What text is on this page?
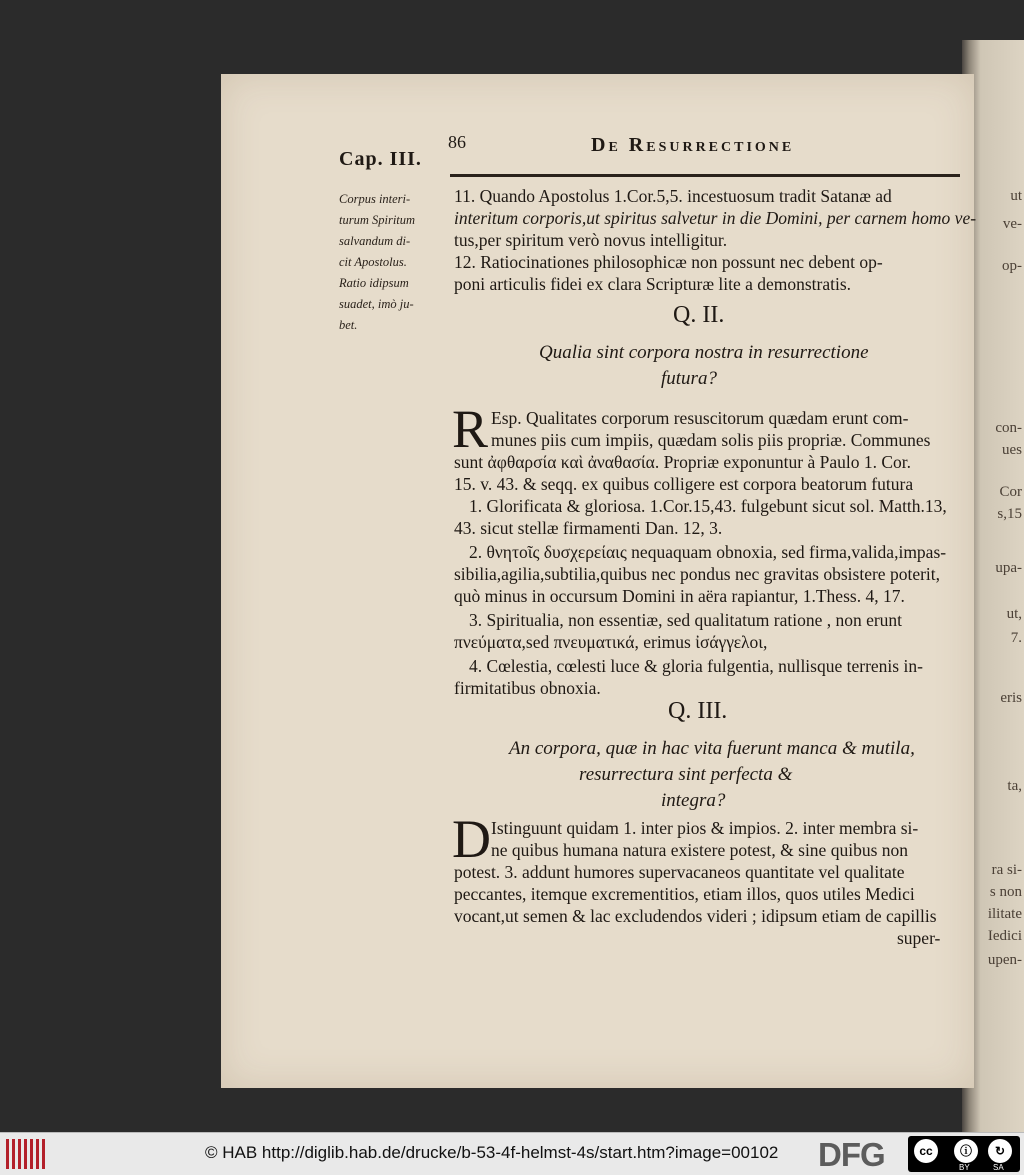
ut
ve-
op-
con-
ues
Cor
s,15
upa-
ut,
7.
eris
ta,
ra si-
s non
ilitate
Iedici
upen-
Cap. III.
86	De Resurrectione
Corpus interi-
turum Spiritum
salvandum di-
cit Apostolus.
Ratio idipsum
suadet, imò ju-
bet.
11. Quando Apostolus 1.Cor.5,5. incestuosum tradit Satanæ ad
interitum corporis,ut spiritus salvetur in die Domini, per carnem homo ve-
tus,per spiritum verò novus intelligitur.
12. Ratiocinationes philosophicæ non possunt nec debent op-
poni articulis fidei ex clara Scripturæ lite a demonstratis.
Q. II.
Qualia sint corpora nostra in resurrectione
futura?
R Esp. Qualitates corporum resuscitorum quædam erunt com-
munes piis cum impiis, quædam solis piis propriæ. Communes
sunt ἀφθαρσία καὶ ἀναθασία. Propriæ exponuntur à Paulo 1. Cor.
15. v. 43. & seqq. ex quibus colligere est corpora beatorum futura
1. Glorificata & gloriosa. 1.Cor.15,43. fulgebunt sicut sol. Matth.13,
43. sicut stellæ firmamenti Dan. 12, 3.
2. θνητοῖς δυσχερείαις nequaquam obnoxia, sed firma,valida,impas-
sibilia,agilia,subtilia,quibus nec pondus nec gravitas obsistere poterit,
quò minus in occursum Domini in aëra rapiantur, 1.Thess. 4, 17.
3. Spiritualia, non essentiæ, sed qualitatum ratione , non erunt
πνεύματα,sed πνευματικά, erimus ἰσάγγελοι,
4. Cœlestia, cœlesti luce & gloria fulgentia, nullisque terrenis in-
firmitatibus obnoxia.
Q. III.
An corpora, quæ in hac vita fuerunt manca & mutila,
resurrectura sint perfecta &
integra?
D Istinguunt quidam 1. inter pios & impios. 2. inter membra si-
ne quibus humana natura existere potest, & sine quibus non
potest. 3. addunt humores supervacaneos quantitate vel qualitate
peccantes, itemque excrementitios, etiam illos, quos utiles Medici
vocant,ut semen & lac excludendos videri ; idipsum etiam de capillis
super-
© HAB http://diglib.hab.de/drucke/b-53-4f-helmst-4s/start.htm?image=00102 DFG	cc	ⓘ	↻
BY	SA
